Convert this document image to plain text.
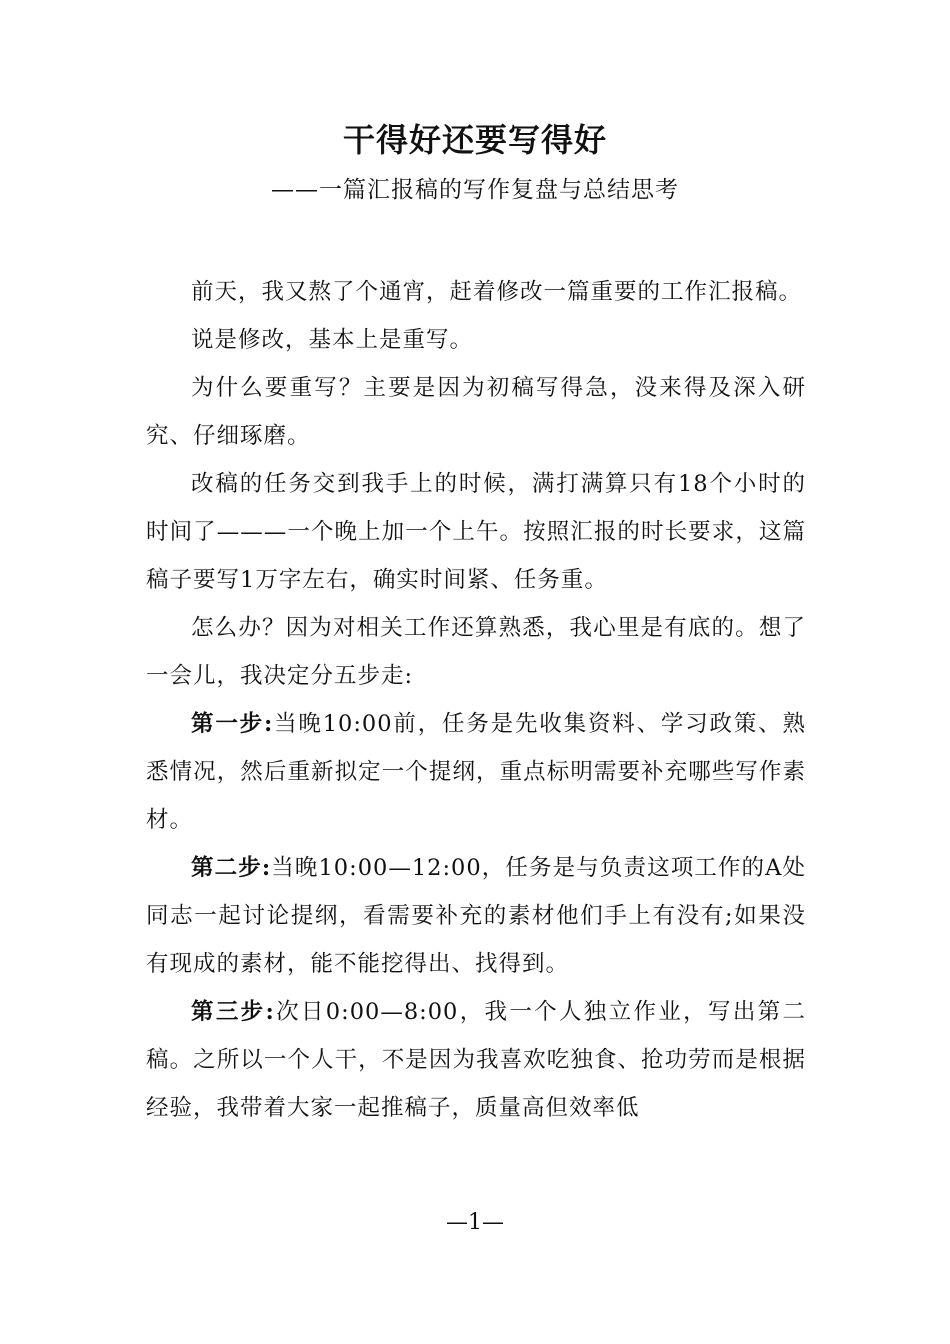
干得好还要写得好
——一篇汇报稿的写作复盘与总结思考

前天，我又熬了个通宵，赶着修改一篇重要的工作汇报稿。

说是修改，基本上是重写。

为什么要重写？主要是因为初稿写得急，没来得及深入研究、仔细琢磨。

改稿的任务交到我手上的时候，满打满算只有18个小时的时间了———一个晚上加一个上午。按照汇报的时长要求，这篇稿子要写1万字左右，确实时间紧、任务重。

怎么办？因为对相关工作还算熟悉，我心里是有底的。想了一会儿，我决定分五步走:

第一步:当晚10:00前，任务是先收集资料、学习政策、熟悉情况，然后重新拟定一个提纲，重点标明需要补充哪些写作素材。

第二步:当晚10:00—12:00，任务是与负责这项工作的A处同志一起讨论提纲，看需要补充的素材他们手上有没有;如果没有现成的素材，能不能挖得出、找得到。

第三步:次日0:00—8:00，我一个人独立作业，写出第二稿。之所以一个人干，不是因为我喜欢吃独食、抢功劳而是根据经验，我带着大家一起推稿子，质量高但效率低

—1—
